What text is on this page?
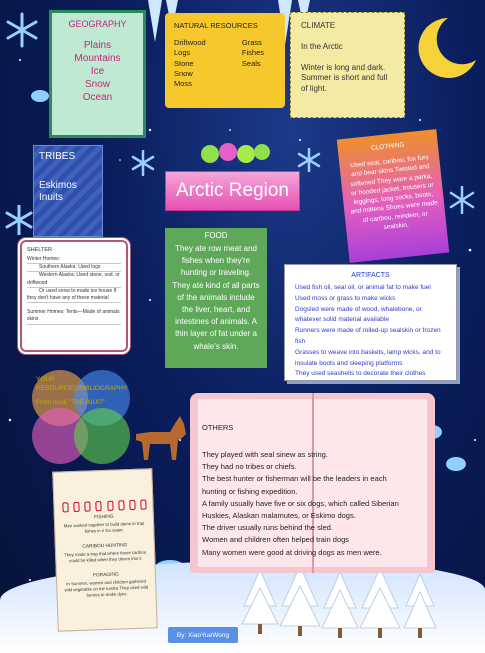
GEOGRAPHY
Plains
Mountains
Ice
Snow
Ocean
NATURAL RESOURCES
Driftwood
Logs
Stone
Snow
Moss
Grass
Fishes
Seals
CLIMATE

In the Arctic

Winter is long and dark. Summer is short and full of light.

TRIBES
Eskimos
Inuits	Arctic Region
CLOTHING
Used seal, caribou, fox furs and bear skins Twisted and softened They wore a parka, or hooded jacket, trousers or leggings, long socks, boots, and mittens Shoes were made of caribou, reindeer, or sealskin.
SHELTER
Winter Homes:
Southern Alaska: Used logs
Western Alaska: Used stone, sod, or driftwood
Or used snow to made ice house If they don't have any of these material
Summer Homes: Tents—Made of animals skins
FOOD
They ate row meat and fishes when they're hunting or traveling. They ate kind of all parts of the animals include the liver, heart, and intestines of animals. A thin layer of fat under a whale's skin.
ARTIFACTS
Used fish oil, seal oil, or animal fat to make fuel
Used moss or grass to make wicks
Dogsled were made of wood, whalebone, or whatever solid material available
Runners were made of rolled-up sealskin or frozen fish
Grasses to weave into baskets, lamp wicks, and to insulate boots and sleeping platforms
They used seashells to decorate their clothes
YOUR RESOURCES/BIBLIOGRAPHY
From book "THE INUIT"
OTHERS
They played with seal sinew as string.
They had no tribes or chiefs.
The best hunter or fisherman will be the leaders in each hunting or fishing expedition.
A family usually have five or six dogs, which called Siberian Huskies, Alaskan malamutes, or Eskimo dogs.
The driver usually runs behind the sled.
Women and children often helped train dogs
Many women were good at driving dogs as men were.
FISHING
Men worked together to build dams to trap fishes in ri fox water.
CARIBOU HUNTING
They made a trap that where those caribou could be killed when they driven into it
FORAGING
In Summer, women and children gathered wild vegetable on the tundra They used wild berries to make dyes
By: XiaoYueWong
